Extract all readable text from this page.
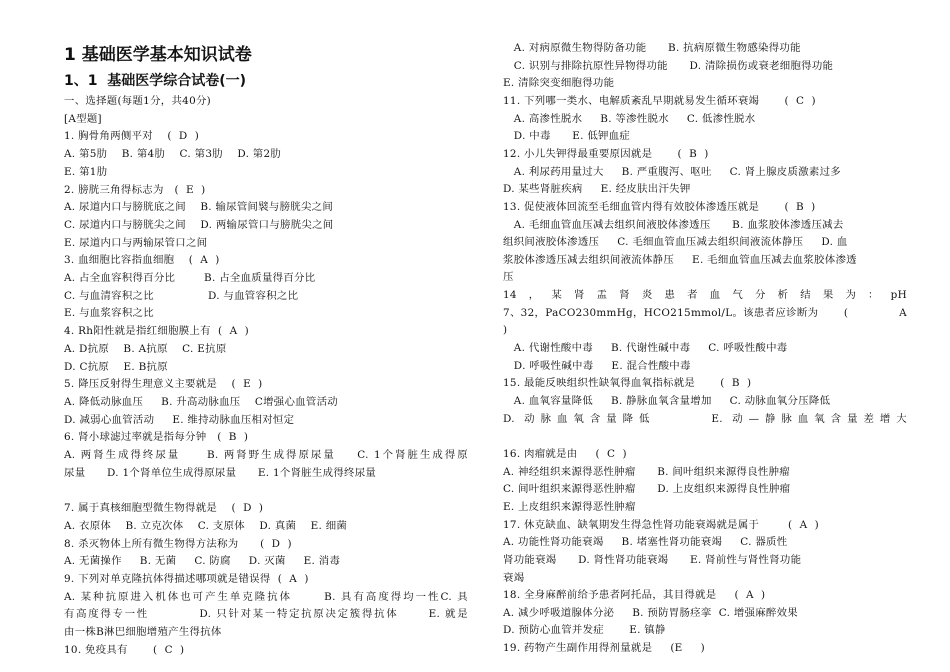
1 基础医学基本知识试卷
1、1  基础医学综合试卷(一)
一、选择题(每题1分，共40分)
[A型题]
1. 胸骨角两侧平对    (  D  )
A. 第5肋    B. 第4肋    C. 第3肋    D. 第2肋
E. 第1肋
2. 膀胱三角得标志为   (  E  )
A. 尿道内口与膀胱底之间    B. 输尿管间襞与膀胱尖之间
C. 尿道内口与膀胱尖之间    D. 两输尿管口与膀胱尖之间
E. 尿道内口与两输尿管口之间
3. 血细胞比容指血细胞    (  A  )
A. 占全血容积得百分比        B. 占全血质量得百分比
C. 与血清容积之比               D. 与血管容积之比
E. 与血浆容积之比
4. Rh阳性就是指红细胞膜上有  (  A  )
A. D抗原    B. A抗原    C. E抗原
D. C抗原    E. B抗原
5. 降压反射得生理意义主要就是    (  E  )
A. 降低动脉血压     B. 升高动脉血压    C增强心血管活动
D. 减弱心血管活动     E. 维持动脉血压相对恒定
6. 肾小球滤过率就是指每分钟   (  B  )
A. 两肾生成得终尿量     B. 两肾野生成得原尿量    C. 1个肾脏生成得原
尿量      D. 1个肾单位生成得原尿量      E. 1个肾脏生成得终尿量
7. 属于真核细胞型微生物得就是    (  D  )
A. 衣原体    B. 立克次体    C. 支原体    D. 真菌    E. 细菌
8. 杀灭物体上所有微生物得方法称为      (  D  )
A. 无菌操作     B. 无菌     C. 防腐     D. 灭菌     E. 消毒
9. 下列对单克隆抗体得描述哪项就是错误得  (  A  )
A. 某种抗原进入机体也可产生单克隆抗体      B. 具有高度得均一性C. 具
有高度得专一性          D. 只针对某一特定抗原决定簇得抗体      E. 就是
由一株B淋巴细胞增殖产生得抗体
10. 免疫具有       (  C  )
A. 对病原微生物得防备功能      B. 抗病原微生物感染得功能
C. 识别与排除抗原性异物得功能      D. 清除损伤或衰老细胞得功能
E. 清除突变细胞得功能
11. 下列哪一类水、电解质紊乱早期就易发生循环衰竭       (  C  )
A. 高渗性脱水     B. 等渗性脱水     C. 低渗性脱水
D. 中毒      E. 低钾血症
12. 小儿失钾得最重要原因就是       (  B  )
A. 利尿药用量过大     B. 严重腹泻、呕吐     C. 肾上腺皮质激素过多
D. 某些肾脏疾病     E. 经皮肤出汗失钾
13. 促使液体回流至毛细血管内得有效胶体渗透压就是       (  B  )
A. 毛细血管血压减去组织间液胶体渗透压      B. 血浆胶体渗透压减去
组织间液胶体渗透压     C. 毛细血管血压减去组织间液流体静压     D. 血
浆胶体渗透压减去组织间液流体静压     E. 毛细血管血压减去血浆胶体渗透
压
14，某肾盂肾炎患者血气分析结果为：pH
7、32，PaCO230mmHg，HCO215mmol/L。该患者应诊断为       (              A
)
A. 代谢性酸中毒     B. 代谢性碱中毒     C. 呼吸性酸中毒
D. 呼吸性碱中毒     E. 混合性酸中毒
15. 最能反映组织性缺氧得血氧指标就是       (  B  )
A. 血氧容量降低     B. 静脉血氧含量增加     C. 动脉血氧分压降低
D. 动脉血氧含量降低      E. 动—静脉血氧含量差增大
16. 肉瘤就是由     (  C  )
A. 神经组织来源得恶性肿瘤      B. 间叶组织来源得良性肿瘤
C. 间叶组织来源得恶性肿瘤      D. 上皮组织来源得良性肿瘤
E. 上皮组织来源得恶性肿瘤
17. 休克缺血、缺氧期发生得急性肾功能衰竭就是属于        (  A  )
A. 功能性肾功能衰竭     B. 堵塞性肾功能衰竭     C. 器质性
肾功能衰竭      D. 肾性肾功能衰竭      E. 肾前性与肾性肾功能
衰竭
18. 全身麻醉前给予患者阿托品，其目得就是     (  A  )
A. 减少呼吸道腺体分泌     B. 预防胃肠痉挛  C. 增强麻醉效果
D. 预防心血管并发症       E. 镇静
19. 药物产生副作用得剂量就是     (E     )
